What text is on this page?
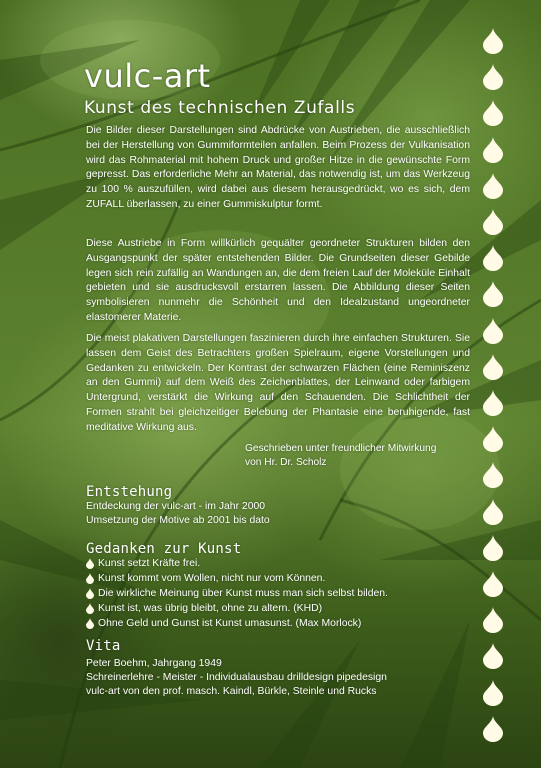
vulc-art
Kunst des technischen Zufalls
Die Bilder dieser Darstellungen sind Abdrücke von Austrieben, die ausschließlich bei der Herstellung von Gummiformteilen anfallen. Beim Prozess der Vulkanisation wird das Rohmaterial mit hohem Druck und großer Hitze in die gewünschte Form gepresst. Das erforderliche Mehr an Material, das notwendig ist, um das Werkzeug zu 100 % auszufüllen, wird dabei aus diesem herausgedrückt, wo es sich, dem ZUFALL überlassen, zu einer Gummiskulptur formt.
Diese Austriebe in Form willkürlich gequälter geordneter Strukturen bilden den Ausgangspunkt der später entstehenden Bilder. Die Grundseiten dieser Gebilde legen sich rein zufällig an Wandungen an, die dem freien Lauf der Moleküle Einhalt gebieten und sie ausdrucksvoll erstarren lassen. Die Abbildung dieser Seiten symbolisieren nunmehr die Schönheit und den Idealzustand ungeordneter elastomerer Materie.
Die meist plakativen Darstellungen faszinieren durch ihre einfachen Strukturen. Sie lassen dem Geist des Betrachters großen Spielraum, eigene Vorstellungen und Gedanken zu entwickeln. Der Kontrast der schwarzen Flächen (eine Reminiszenz an den Gummi) auf dem Weiß des Zeichenblattes, der Leinwand oder farbigem Untergrund, verstärkt die Wirkung auf den Schauenden. Die Schlichtheit der Formen strahlt bei gleichzeitiger Belebung der Phantasie eine beruhigende, fast meditative Wirkung aus.
Geschrieben unter freundlicher Mitwirkung
von Hr. Dr. Scholz
Entstehung
Entdeckung der vulc-art - im Jahr 2000
Umsetzung der Motive ab 2001 bis dato
Gedanken zur Kunst
Kunst setzt Kräfte frei.
Kunst kommt vom Wollen, nicht nur vom Können.
Die wirkliche Meinung über Kunst muss man sich selbst bilden.
Kunst ist, was übrig bleibt, ohne zu altern. (KHD)
Ohne Geld und Gunst ist Kunst umasunst. (Max Morlock)
Vita
Peter Boehm, Jahrgang 1949
Schreinerlehre - Meister - Individualausbau drilldesign pipedesign
vulc-art von den prof. masch. Kaindl, Bürkle, Steinle und Rucks
